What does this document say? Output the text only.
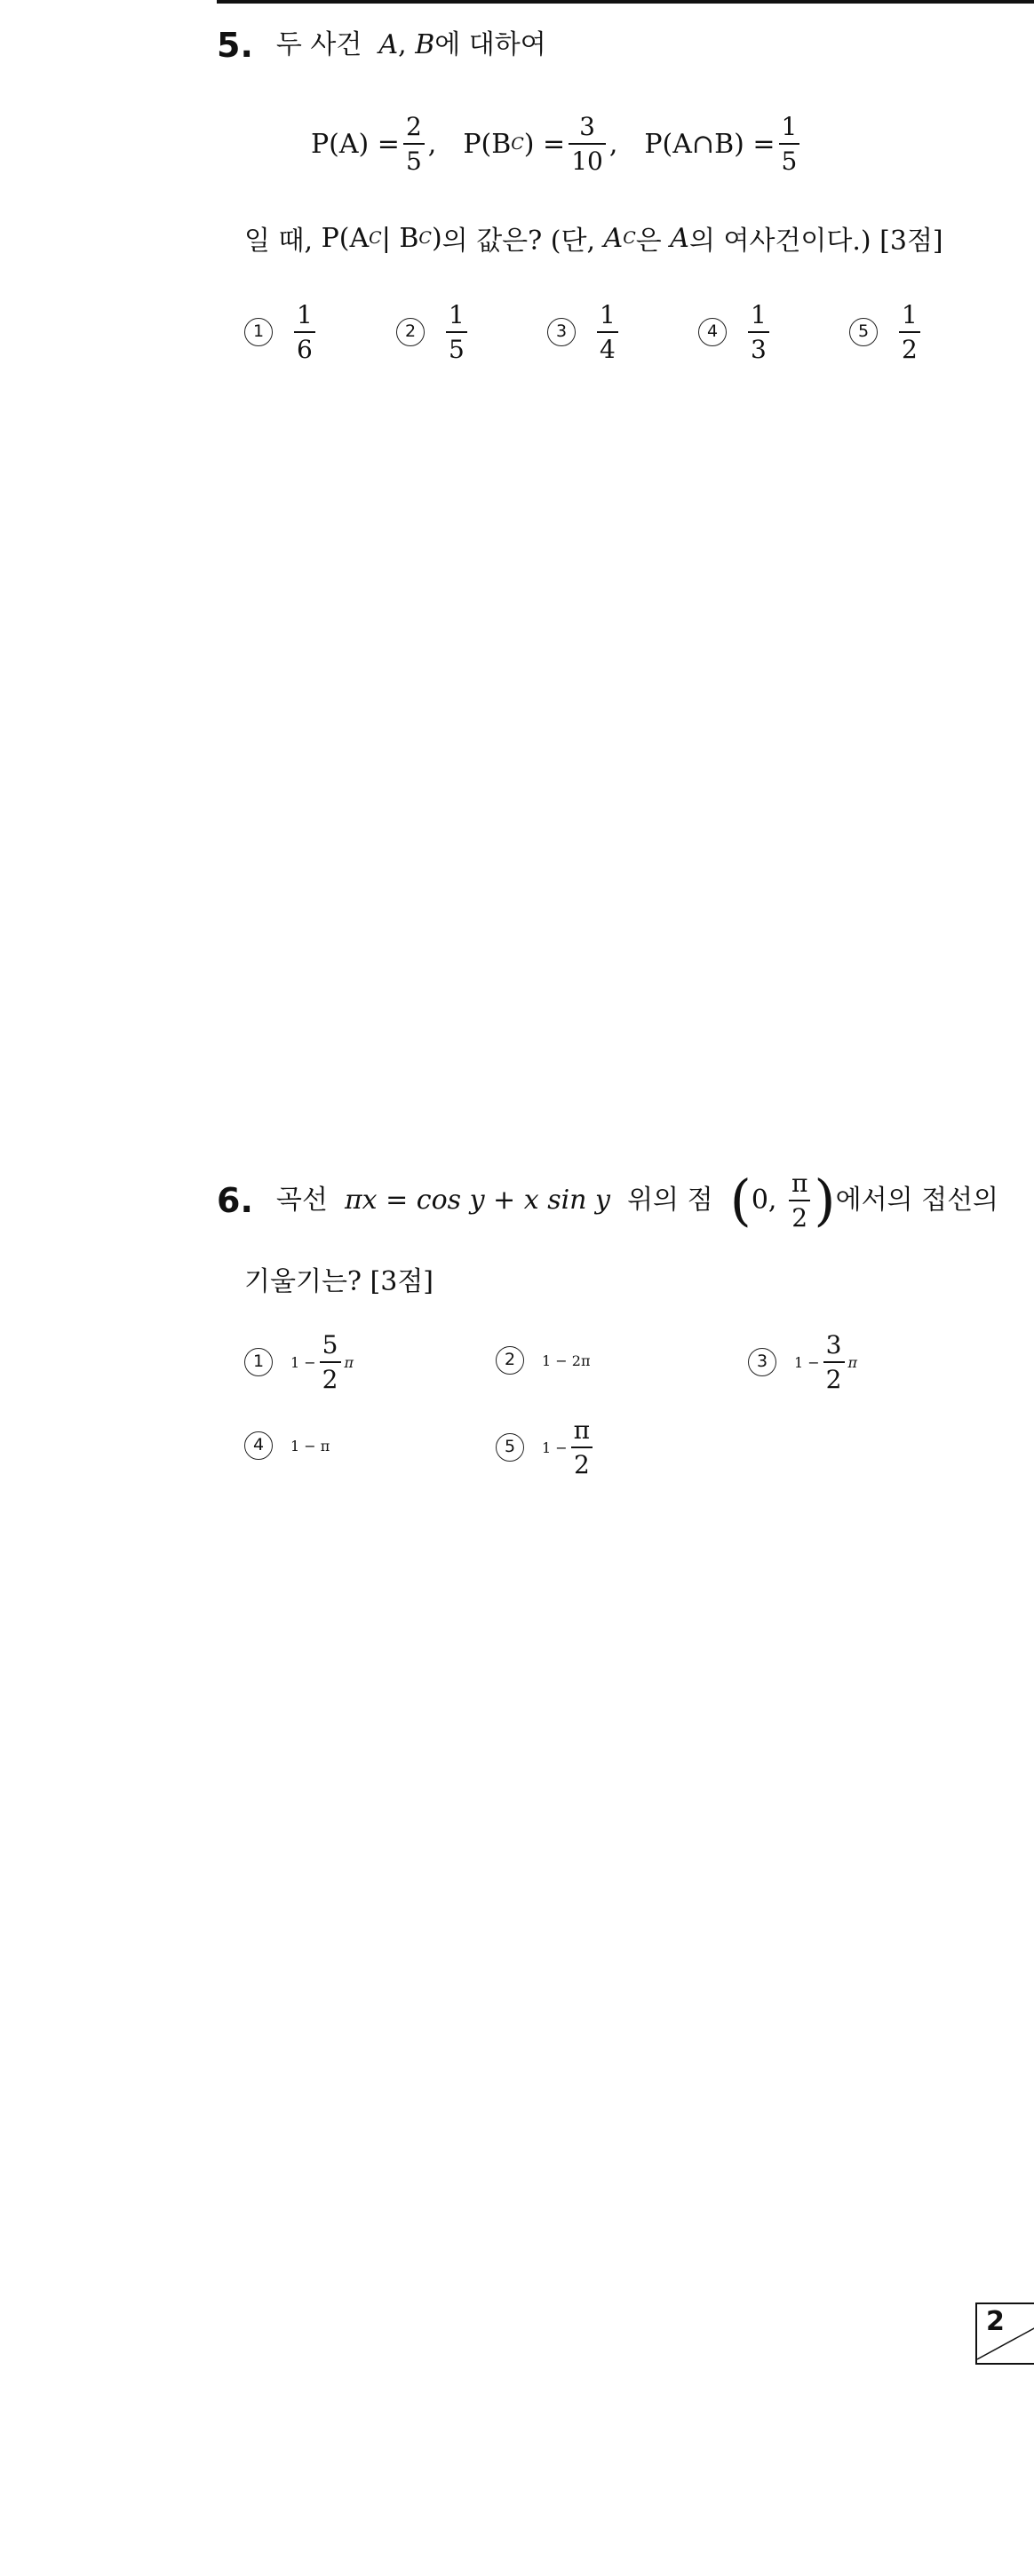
5. 두 사건
A ,
B 에 대하여
$P(A) = \frac{2}{5}$ , P(B C ) = $\frac{3}{10}$ , P(A∩B) = $\frac{1}{5}$
일 때,
P(A C | B C ) 의 값은? (단,
A C 은
A 의 여사건이다.) [3점]
1	$\frac{1}{6}$	2	$\frac{1}{5}$	3	$\frac{1}{4}$	4	$\frac{1}{3}$	5	$\frac{1}{2}$
6. 곡선
πx = cos y + x sin y
위의 점
( 0,
$\frac{\pi}{2}$ ) 에서의 접선의
기울기는? [3점]
1	$1 - \frac{5}{2}$ π	2	1 − 2π	3	$1 - \frac{3}{2}$ π
4	1 − π	5	$1 - \frac{\pi}{2}$
2
